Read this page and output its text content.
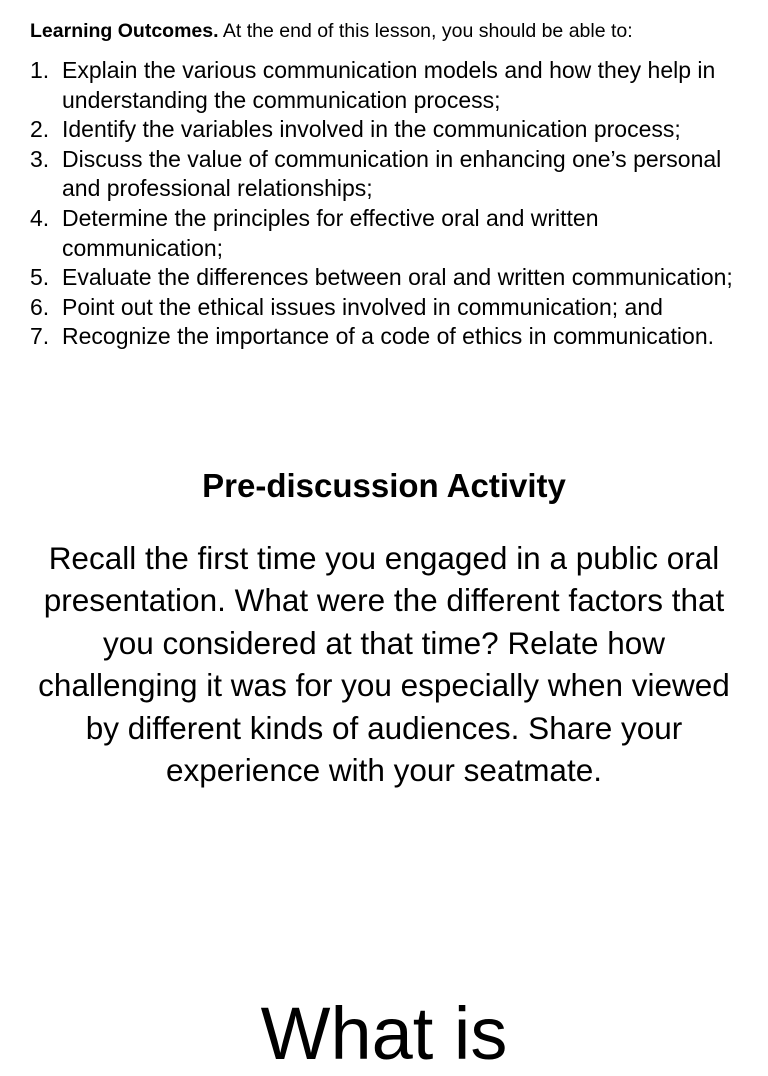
Learning Outcomes. At the end of this lesson, you should be able to:
1. Explain the various communication models and how they help in understanding the communication process;
2. Identify the variables involved in the communication process;
3. Discuss the value of communication in enhancing one’s personal and professional relationships;
4. Determine the principles for effective oral and written communication;
5. Evaluate the differences between oral and written communication;
6. Point out the ethical issues involved in communication; and
7. Recognize the importance of a code of ethics in communication.
Pre-discussion Activity
Recall the first time you engaged in a public oral presentation. What were the different factors that you considered at that time? Relate how challenging it was for you especially when viewed by different kinds of audiences. Share your experience with your seatmate.
What is
